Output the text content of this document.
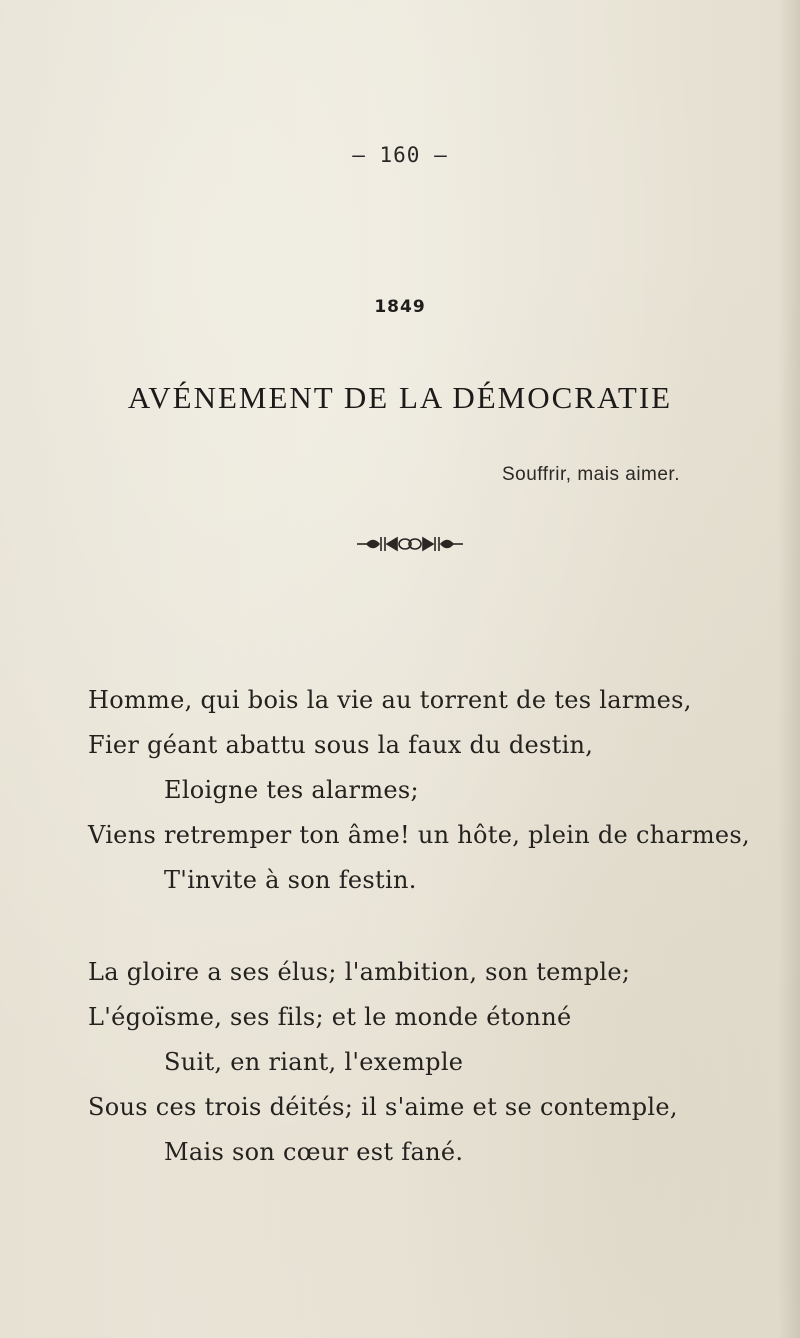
— 160 —
1849
AVÉNEMENT DE LA DÉMOCRATIE
Souffrir, mais aimer.
Homme, qui bois la vie au torrent de tes larmes,
Fier géant abattu sous la faux du destin,
Eloigne tes alarmes;
Viens retremper ton âme! un hôte, plein de charmes,
T'invite à son festin.
La gloire a ses élus; l'ambition, son temple;
L'égoïsme, ses fils; et le monde étonné
Suit, en riant, l'exemple
Sous ces trois déités; il s'aime et se contemple,
Mais son cœur est fané.
